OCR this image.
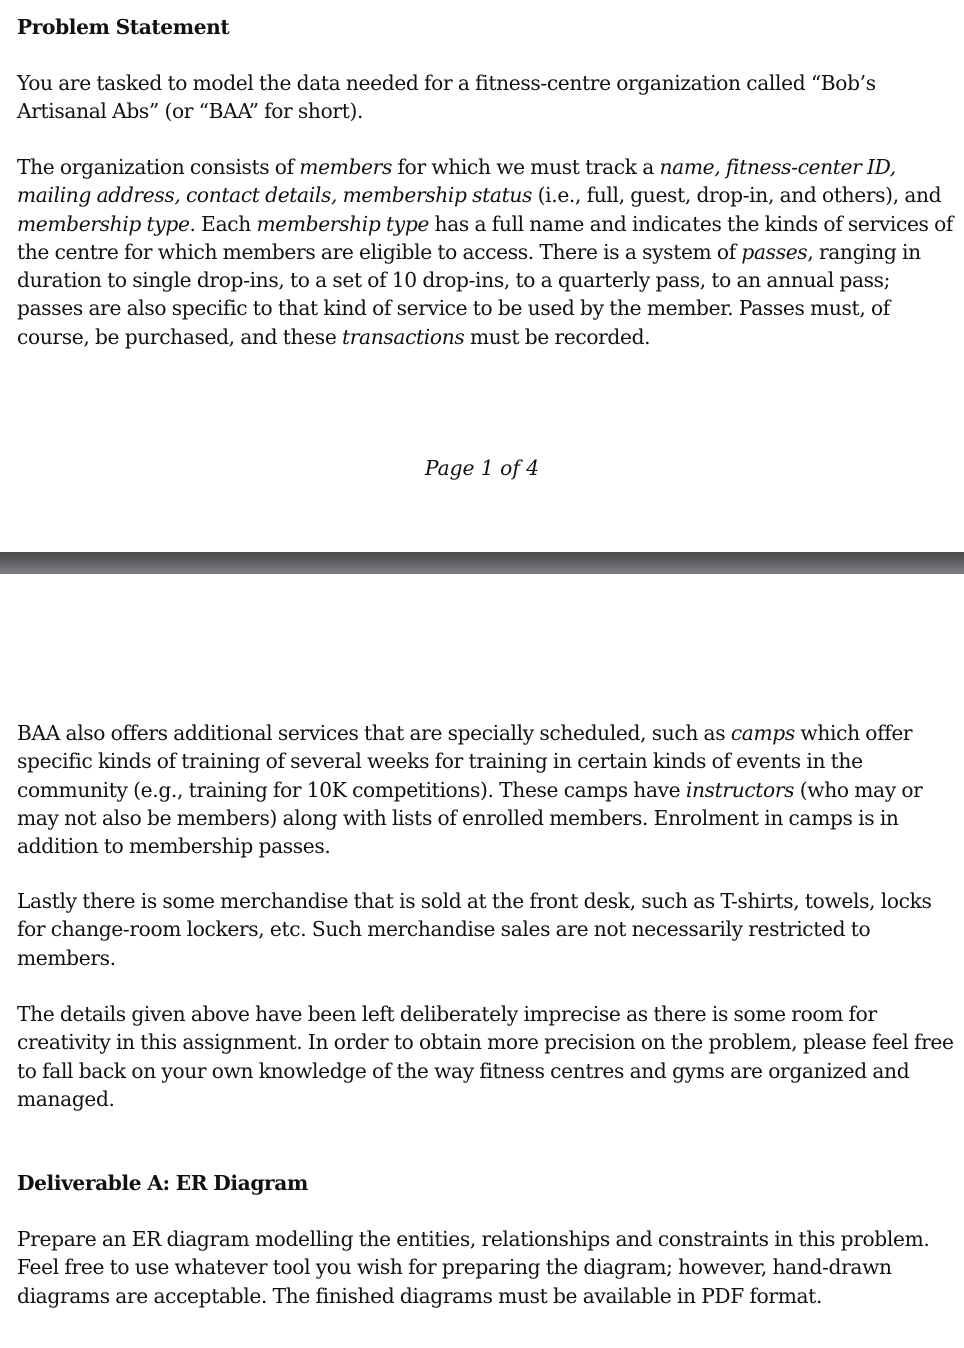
Problem Statement

You are tasked to model the data needed for a fitness-centre organization called “Bob’s Artisanal Abs” (or “BAA” for short).

The organization consists of members for which we must track a name, fitness-center ID, mailing address, contact details, membership status (i.e., full, guest, drop-in, and others), and membership type. Each membership type has a full name and indicates the kinds of services of the centre for which members are eligible to access. There is a system of passes, ranging in duration to single drop-ins, to a set of 10 drop-ins, to a quarterly pass, to an annual pass; passes are also specific to that kind of service to be used by the member. Passes must, of course, be purchased, and these transactions must be recorded.

Page 1 of 4

BAA also offers additional services that are specially scheduled, such as camps which offer specific kinds of training of several weeks for training in certain kinds of events in the community (e.g., training for 10K competitions). These camps have instructors (who may or may not also be members) along with lists of enrolled members. Enrolment in camps is in addition to membership passes.

Lastly there is some merchandise that is sold at the front desk, such as T-shirts, towels, locks for change-room lockers, etc. Such merchandise sales are not necessarily restricted to members.

The details given above have been left deliberately imprecise as there is some room for creativity in this assignment. In order to obtain more precision on the problem, please feel free to fall back on your own knowledge of the way fitness centres and gyms are organized and managed.

Deliverable A: ER Diagram

Prepare an ER diagram modelling the entities, relationships and constraints in this problem. Feel free to use whatever tool you wish for preparing the diagram; however, hand-drawn diagrams are acceptable. The finished diagrams must be available in PDF format.
